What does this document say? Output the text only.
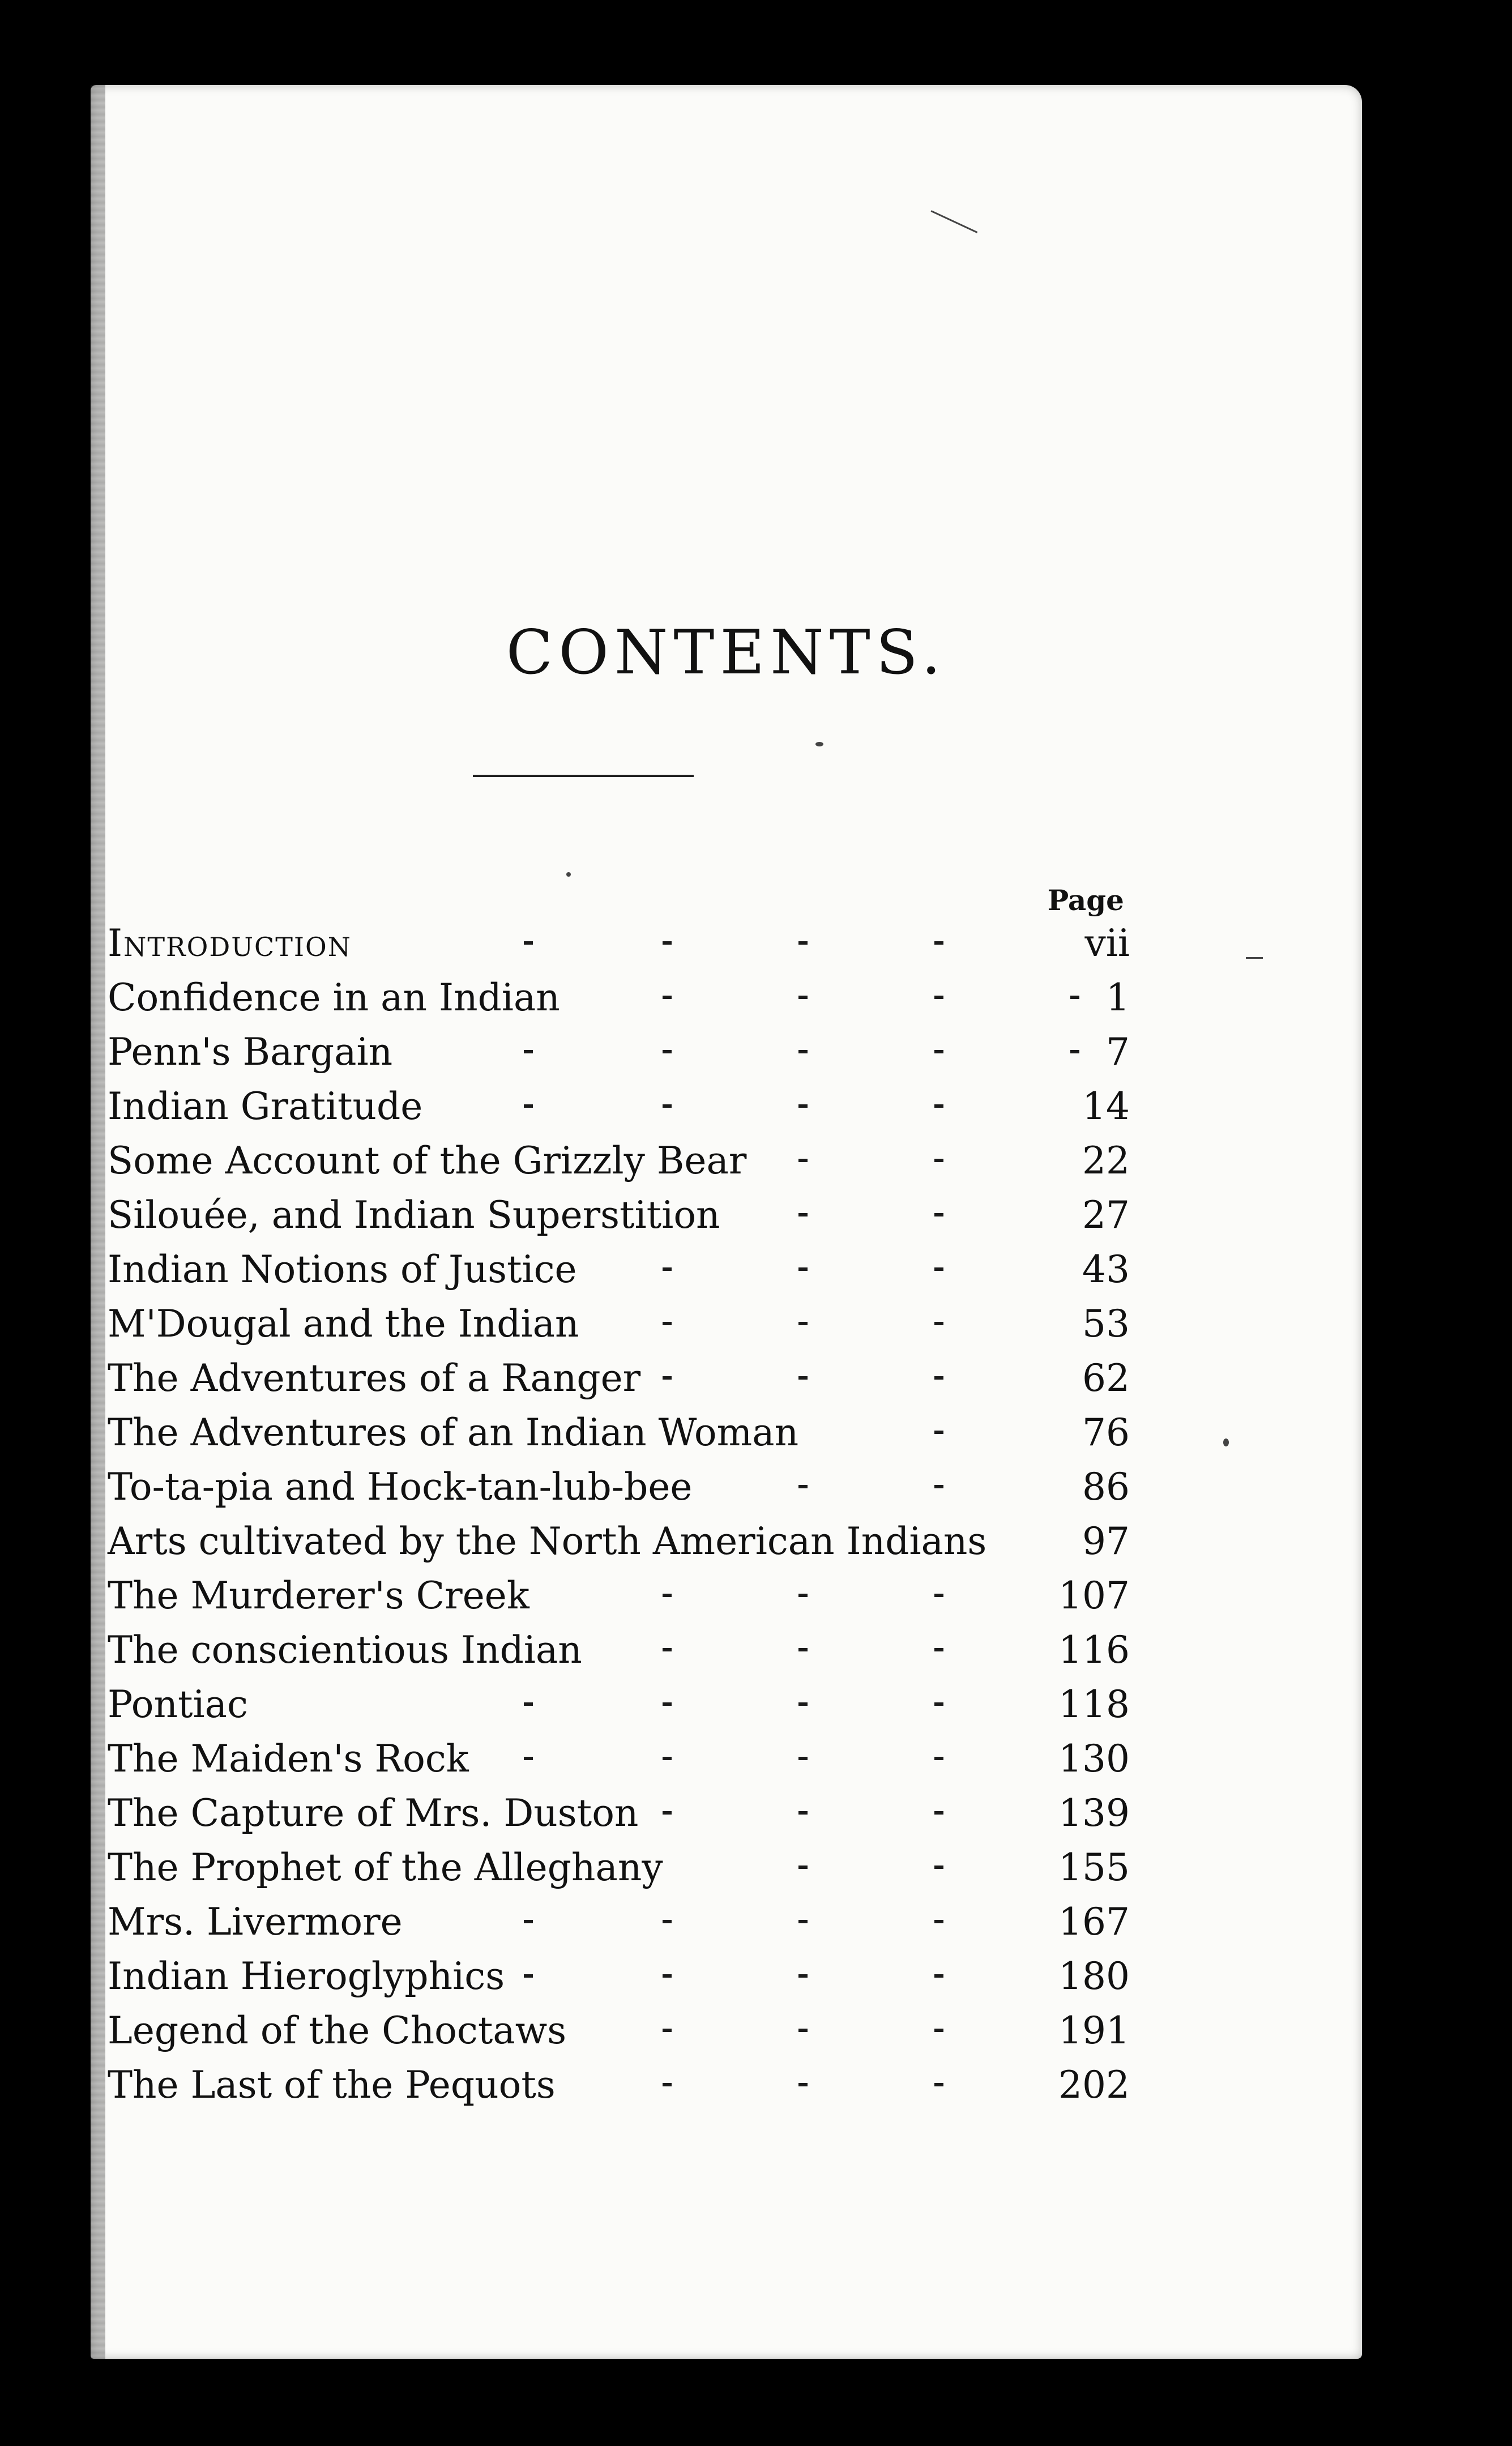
CONTENTS.
Page
Introduction	vii
Confidence in an Indian	1
Penn's Bargain	7
Indian Gratitude	14
Some Account of the Grizzly Bear	22
Silouée, and Indian Superstition	27
Indian Notions of Justice	43
M'Dougal and the Indian	53
The Adventures of a Ranger	62
The Adventures of an Indian Woman	76
To-ta-pia and Hock-tan-lub-bee	86
Arts cultivated by the North American Indians	97
The Murderer's Creek	107
The conscientious Indian	116
Pontiac	118
The Maiden's Rock	130
The Capture of Mrs. Duston	139
The Prophet of the Alleghany	155
Mrs. Livermore	167
Indian Hieroglyphics	180
Legend of the Choctaws	191
The Last of the Pequots	202
